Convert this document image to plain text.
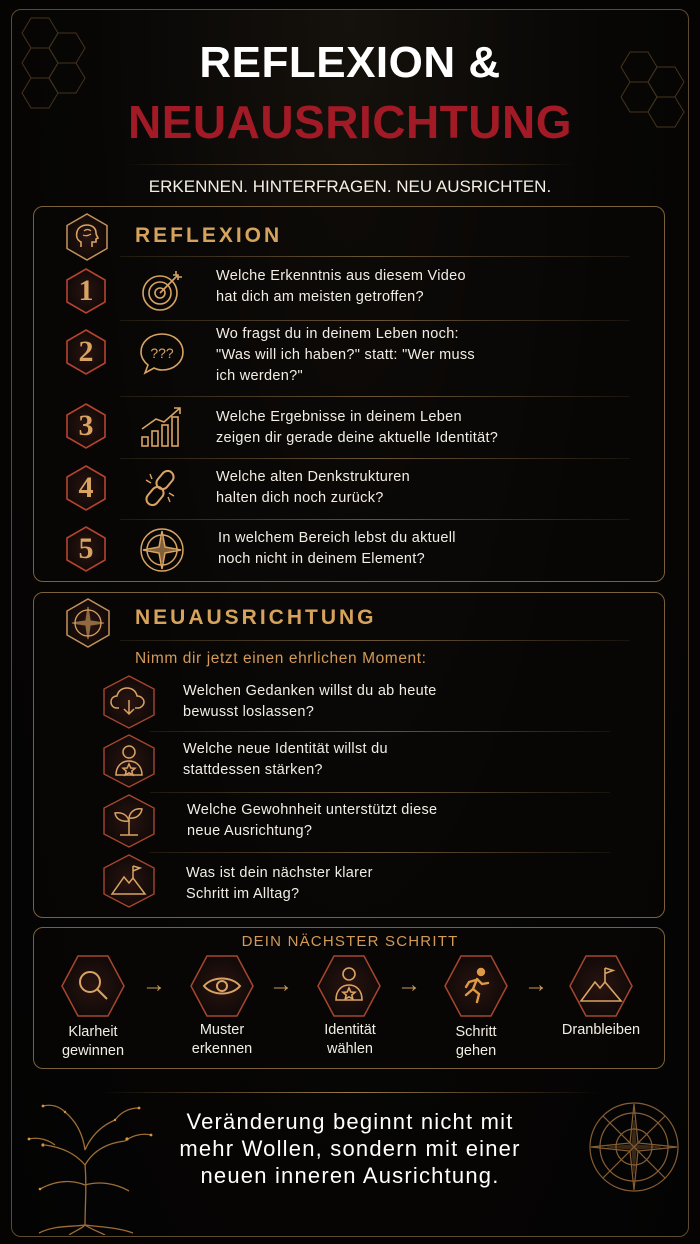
REFLEXION &
NEUAUSRICHTUNG
ERKENNEN. HINTERFRAGEN. NEU AUSRICHTEN.
REFLEXION
1	Welche Erkenntnis aus diesem Video
hat dich am meisten getroffen?
2	???
Wo fragst du in deinem Leben noch:
"Was will ich haben?" statt: "Wer muss
ich werden?"
3	Welche Ergebnisse in deinem Leben
zeigen dir gerade deine aktuelle Identität?
4	Welche alten Denkstrukturen
halten dich noch zurück?
5	In welchem Bereich lebst du aktuell
noch nicht in deinem Element?
NEUAUSRICHTUNG
Nimm dir jetzt einen ehrlichen Moment:
Welchen Gedanken willst du ab heute
bewusst loslassen?
Welche neue Identität willst du
stattdessen stärken?
Welche Gewohnheit unterstützt diese
neue Ausrichtung?
Was ist dein nächster klarer
Schritt im Alltag?
DEIN NÄCHSTER SCHRITT
Klarheit
gewinnen
→
Muster
erkennen
→
Identität
wählen
→
Schritt
gehen
→
Dranbleiben
Veränderung beginnt nicht mit
mehr Wollen, sondern mit einer
neuen inneren Ausrichtung.
